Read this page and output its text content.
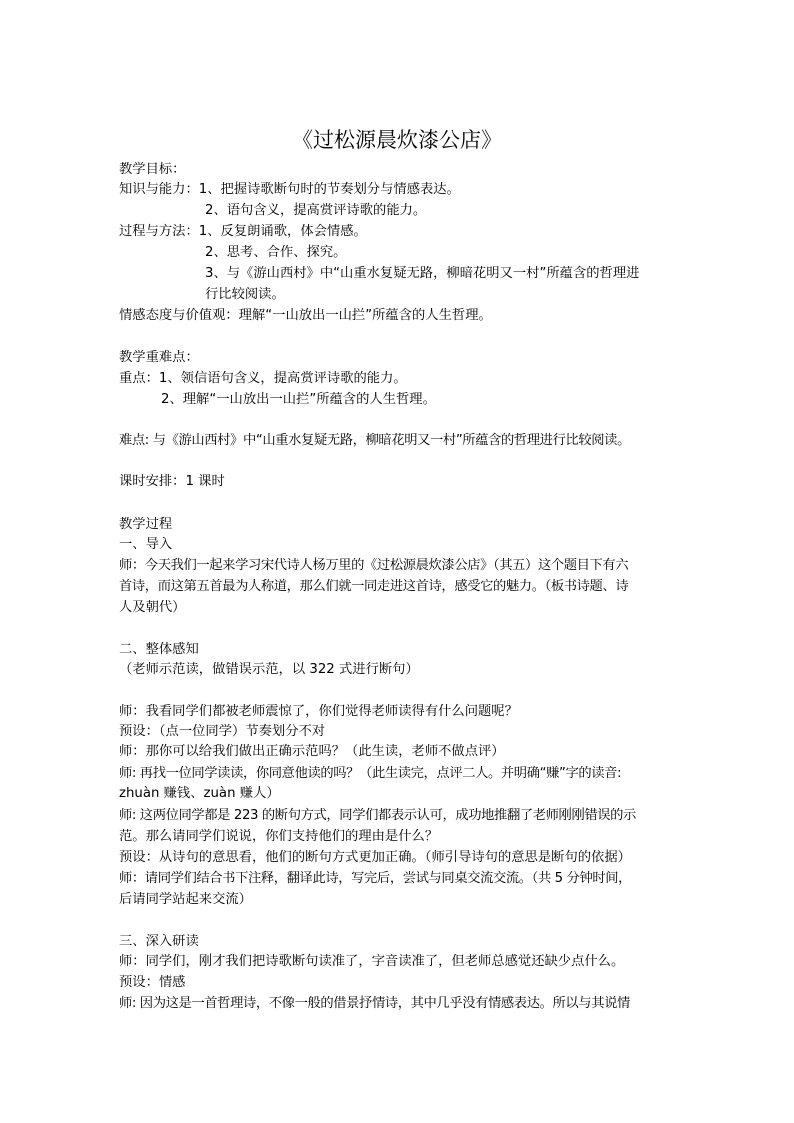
《过松源晨炊漆公店》
教学目标：
知识与能力：1、把握诗歌断句时的节奏划分与情感表达。
2、语句含义，提高赏评诗歌的能力。
过程与方法：1、反复朗诵歌，体会情感。
2、思考、合作、探究。
3、与《游山西村》中“山重水复疑无路，柳暗花明又一村”所蕴含的哲理进
行比较阅读。
情感态度与价值观：理解“一山放出一山拦”所蕴含的人生哲理。
教学重难点：
重点：1、领信语句含义，提高赏评诗歌的能力。
2、理解“一山放出一山拦”所蕴含的人生哲理。
难点: 与《游山西村》中“山重水复疑无路，柳暗花明又一村”所蕴含的哲理进行比较阅读。
课时安排：1 课时
教学过程
一、导入
师：今天我们一起来学习宋代诗人杨万里的《过松源晨炊漆公店》（其五）这个题目下有六
首诗，而这第五首最为人称道，那么们就一同走进这首诗，感受它的魅力。（板书诗题、诗
人及朝代）
二、整体感知
（老师示范读，做错误示范，以 322 式进行断句）
师：我看同学们都被老师震惊了，你们觉得老师读得有什么问题呢？
预设：（点一位同学）节奏划分不对
师：那你可以给我们做出正确示范吗？（此生读，老师不做点评）
师: 再找一位同学读读，你同意他读的吗？（此生读完，点评二人。并明确“赚”字的读音:
zhuàn 赚钱、zuàn 赚人）
师: 这两位同学都是 223 的断句方式，同学们都表示认可，成功地推翻了老师刚刚错误的示
范。那么请同学们说说，你们支持他们的理由是什么？
预设：从诗句的意思看，他们的断句方式更加正确。（师引导诗句的意思是断句的依据）
师：请同学们结合书下注释，翻译此诗，写完后，尝试与同桌交流交流。（共 5 分钟时间，
后请同学站起来交流）
三、深入研读
师：同学们，刚才我们把诗歌断句读准了，字音读准了，但老师总感觉还缺少点什么。
预设：情感
师: 因为这是一首哲理诗，不像一般的借景抒情诗，其中几乎没有情感表达。所以与其说情
